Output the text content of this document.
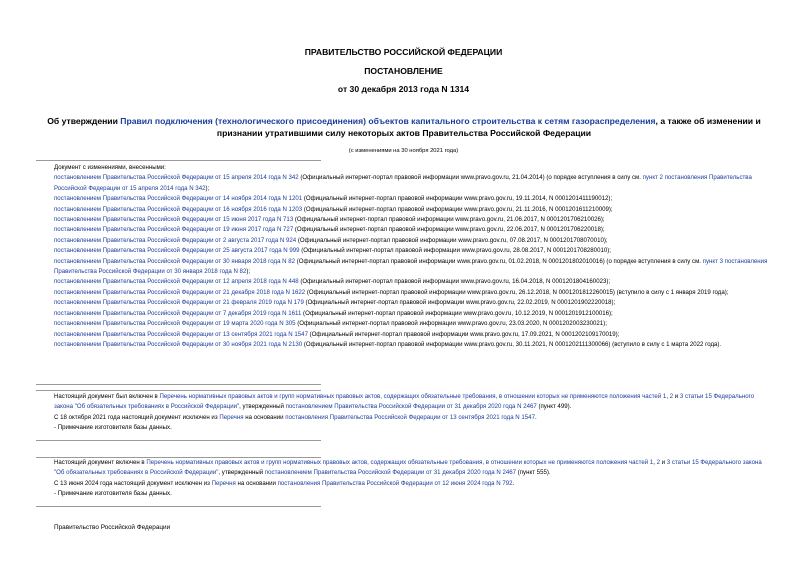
ПРАВИТЕЛЬСТВО РОССИЙСКОЙ ФЕДЕРАЦИИ
ПОСТАНОВЛЕНИЕ
от 30 декабря 2013 года N 1314
Об утверждении Правил подключения (технологического присоединения) объектов капитального строительства к сетям газораспределения, а также об изменении и признании утратившими силу некоторых актов Правительства Российской Федерации
(с изменениями на 30 ноября 2021 года)

Документ с изменениями, внесенными:

постановлением Правительства Российской Федерации от 15 апреля 2014 года N 342 (Официальный интернет-портал правовой информации www.pravo.gov.ru, 21.04.2014) (о порядке вступления в силу см. пункт 2 постановления Правительства Российской Федерации от 15 апреля 2014 года N 342);

постановлением Правительства Российской Федерации от 14 ноября 2014 года N 1201 (Официальный интернет-портал правовой информации www.pravo.gov.ru, 19.11.2014, N 0001201411190012);

постановлением Правительства Российской Федерации от 16 ноября 2016 года N 1203 (Официальный интернет-портал правовой информации www.pravo.gov.ru, 21.11.2016, N 0001201611210009);

постановлением Правительства Российской Федерации от 15 июня 2017 года N 713 (Официальный интернет-портал правовой информации www.pravo.gov.ru, 21.06.2017, N 0001201706210026);

постановлением Правительства Российской Федерации от 19 июня 2017 года N 727 (Официальный интернет-портал правовой информации www.pravo.gov.ru, 22.06.2017, N 0001201706220018);

постановлением Правительства Российской Федерации от 2 августа 2017 года N 924 (Официальный интернет-портал правовой информации www.pravo.gov.ru, 07.08.2017, N 0001201708070010);

постановлением Правительства Российской Федерации от 25 августа 2017 года N 999 (Официальный интернет-портал правовой информации www.pravo.gov.ru, 28.08.2017, N 0001201708280010);

постановлением Правительства Российской Федерации от 30 января 2018 года N 82 (Официальный интернет-портал правовой информации www.pravo.gov.ru, 01.02.2018, N 0001201802010016) (о порядке вступления в силу см. пункт 3 постановления Правительства Российской Федерации от 30 января 2018 года N 82);

постановлением Правительства Российской Федерации от 12 апреля 2018 года N 448 (Официальный интернет-портал правовой информации www.pravo.gov.ru, 16.04.2018, N 0001201804160023);

постановлением Правительства Российской Федерации от 21 декабря 2018 года N 1622 (Официальный интернет-портал правовой информации www.pravo.gov.ru, 26.12.2018, N 0001201812260015) (вступило в силу с 1 января 2019 года);

постановлением Правительства Российской Федерации от 21 февраля 2019 года N 179 (Официальный интернет-портал правовой информации www.pravo.gov.ru, 22.02.2019, N 0001201902220018);

постановлением Правительства Российской Федерации от 7 декабря 2019 года N 1611 (Официальный интернет-портал правовой информации www.pravo.gov.ru, 10.12.2019, N 0001201912100016);

постановлением Правительства Российской Федерации от 19 марта 2020 года N 305 (Официальный интернет-портал правовой информации www.pravo.gov.ru, 23.03.2020, N 0001202003230021);

постановлением Правительства Российской Федерации от 13 сентября 2021 года N 1547 (Официальный интернет-портал правовой информации www.pravo.gov.ru, 17.09.2021, N 0001202109170019);

постановлением Правительства Российской Федерации от 30 ноября 2021 года N 2130 (Официальный интернет-портал правовой информации www.pravo.gov.ru, 30.11.2021, N 0001202111300066) (вступило в силу с 1 марта 2022 года).

Настоящий документ был включен в Перечень нормативных правовых актов и групп нормативных правовых актов, содержащих обязательные требования, в отношении которых не применяются положения частей 1, 2 и 3 статьи 15 Федерального закона "Об обязательных требованиях в Российской Федерации", утвержденный постановлением Правительства Российской Федерации от 31 декабря 2020 года N 2467 (пункт 499).

С 18 октября 2021 года настоящий документ исключен из Перечня на основании постановления Правительства Российской Федерации от 13 сентября 2021 года N 1547.

- Примечание изготовителя базы данных.

Настоящий документ включен в Перечень нормативных правовых актов и групп нормативных правовых актов, содержащих обязательные требования, в отношении которых не применяются положения частей 1, 2 и 3 статьи 15 Федерального закона "Об обязательных требованиях в Российской Федерации", утвержденный постановлением Правительства Российской Федерации от 31 декабря 2020 года N 2467 (пункт 555).

С 13 июня 2024 года настоящий документ исключен из Перечня на основании постановления Правительства Российской Федерации от 12 июня 2024 года N 792.

- Примечание изготовителя базы данных.

Правительство Российской Федерации
